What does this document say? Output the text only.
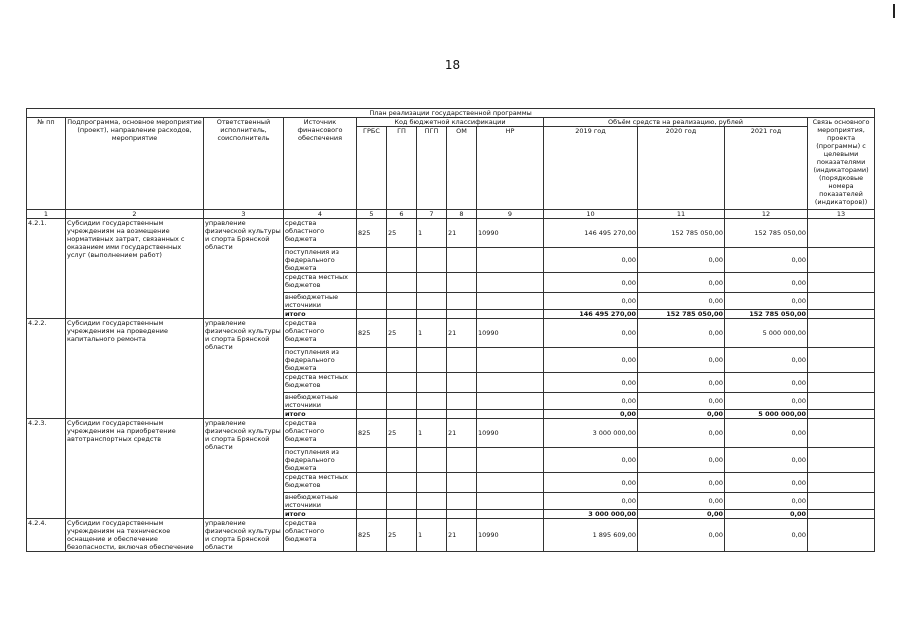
18
План реализации государственной программы												
№ пп	Подпрограмма, основное мероприятие (проект), направление расходов, мероприятие	Ответственный исполнитель, соисполнитель	Источник финансового обеспечения	Код бюджетной классификации					Объём средств на реализацию, рублей			Связь основного мероприятия, проекта (программы) с целевыми показателями (индикаторами) (порядковые номера показателей (индикаторов))
				ГРБС	ГП	ПГП	ОМ	НР	2019 год	2020 год	2021 год	
1	2	3	4	5	6	7	8	9	10	11	12	13
4.2.1.	Субсидии государственным учреждениям на возмещение нормативных затрат, связанных с оказанием ими государственных услуг (выполнением работ)	управление физической культуры и спорта Брянской области	средства областного бюджета	825	25	1	21	10990	146 495 270,00	152 785 050,00	152 785 050,00	
			поступления из федерального бюджета						0,00	0,00	0,00	
			средства местных бюджетов						0,00	0,00	0,00	
			внебюджетные источники						0,00	0,00	0,00	
			итого						146 495 270,00	152 785 050,00	152 785 050,00	
4.2.2.	Субсидии государственным учреждениям на проведение капитального ремонта	управление физической культуры и спорта Брянской области	средства областного бюджета	825	25	1	21	10990	0,00	0,00	5 000 000,00	
			поступления из федерального бюджета						0,00	0,00	0,00	
			средства местных бюджетов						0,00	0,00	0,00	
			внебюджетные источники						0,00	0,00	0,00	
			итого						0,00	0,00	5 000 000,00	
4.2.3.	Субсидии государственным учреждениям на приобретение автотранспортных средств	управление физической культуры и спорта Брянской области	средства областного бюджета	825	25	1	21	10990	3 000 000,00	0,00	0,00	
			поступления из федерального бюджета						0,00	0,00	0,00	
			средства местных бюджетов						0,00	0,00	0,00	
			внебюджетные источники						0,00	0,00	0,00	
			итого						3 000 000,00	0,00	0,00	
4.2.4.	Субсидии государственным учреждениям на техническое оснащение и обеспечение безопасности, включая обеспечение	управление физической культуры и спорта Брянской области	средства областного бюджета	825	25	1	21	10990	1 895 609,00	0,00	0,00	
